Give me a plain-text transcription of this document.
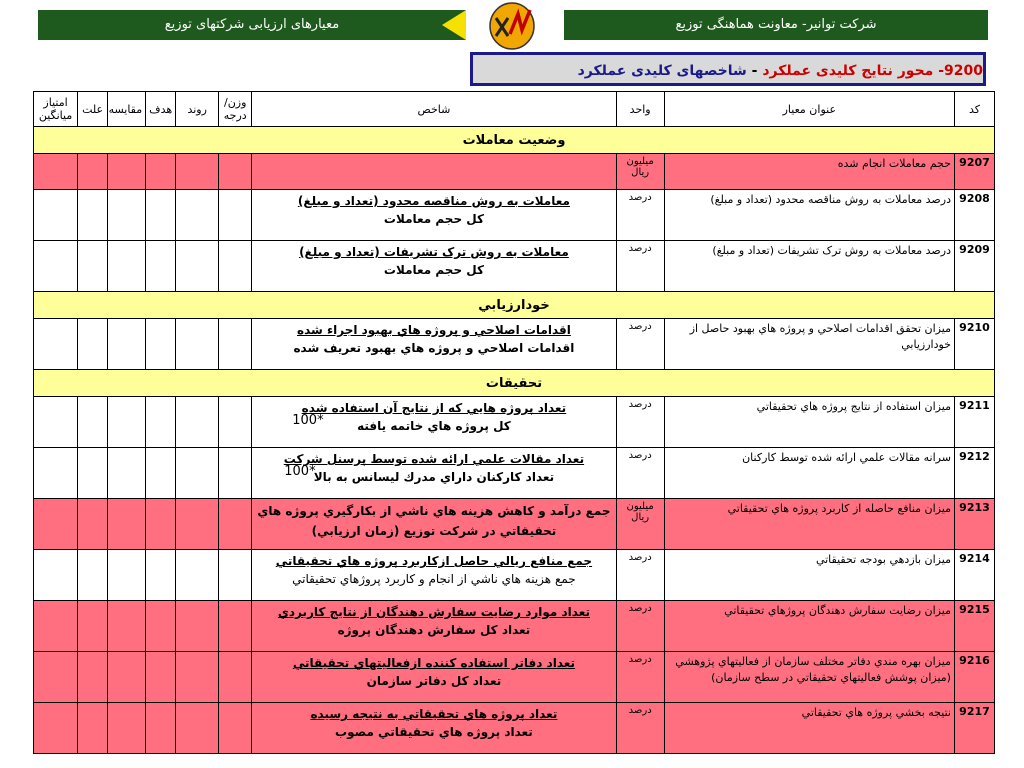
معیارهای ارزیابی شرکتهای توزیع	شرکت توانیر- معاونت هماهنگی توزیع
9200- محور نتایج کلیدی عملکرد - شاخصهای کلیدی عملکرد
کد	عنوان معیار	واحد	شاخص	وزن/ درجه	روند	هدف	مقایسه	علت	امتیاز میانگین
وضعیت معاملات									
9207	حجم معاملات انجام شده	میلیون ریال							
9208	درصد معاملات به روش مناقصه محدود (تعداد و مبلغ)	درصد	معاملات به روش مناقصه محدود (تعداد و مبلغ)
کل حجم معاملات						

9209	درصد معاملات به روش ترک تشریفات (تعداد و مبلغ)	درصد	معاملات به روش ترک تشریفات (تعداد و مبلغ)
کل حجم معاملات						

خودارزيابي									
9210	ميزان تحقق اقدامات اصلاحي و پروژه هاي بهبود حاصل از خودارزيابي	درصد	اقدامات اصلاحي و پروژه هاي بهبود اجراء شده
اقدامات اصلاحي و پروژه هاي بهبود تعريف شده						

تحقيقات									
9211	ميزان استفاده از نتايج پروژه هاي تحقيقاتي	درصد	تعداد پروژه هايي كه از نتايج آن استفاده شده
كل پروژه هاي خاتمه يافته
100*						

9212	سرانه مقالات علمي ارائه شده توسط كاركنان	درصد	تعداد مقالات علمي ارائه شده توسط پرسنل شركت
تعداد كاركنان داراي مدرك ليسانس به بالا
100*						

9213	ميزان منافع حاصله از كاربرد پروژه هاي تحقيقاتي	میلیون ریال	جمع درآمد و كاهش هزينه هاي ناشي از بكارگيري پروژه هاي تحقيقاتي در شركت توزيع (زمان ارزيابي)						

9214	ميزان بازدهي بودجه تحقيقاتي	درصد	جمع منافع ريالي حاصل ازكاربرد پروژه هاي تحقيقاتي
جمع هزينه هاي ناشي از انجام و كاربرد پروژهاي تحقيقاتي						

9215	ميزان رضايت سفارش دهندگان پروژهاي تحقيقاتي	درصد	تعداد موارد رضايت سفارش دهندگان از نتايج كاربردي
تعداد كل سفارش دهندگان پروژه						

9216	ميزان بهره مندي دفاتر مختلف سازمان از فعاليتهاي پژوهشي (ميزان پوشش فعاليتهاي تحقيقاتي در سطح سازمان)	درصد	تعداد دفاتر استفاده كننده ازفعاليتهاي تحقيقاتي
تعداد كل دفاتر سازمان						

9217	نتيجه بخشي پروژه هاي تحقيقاتي	درصد	تعداد پروژه هاي تحقيقاتي به نتيجه رسيده
تعداد پروژه هاي تحقيقاتي مصوب						
